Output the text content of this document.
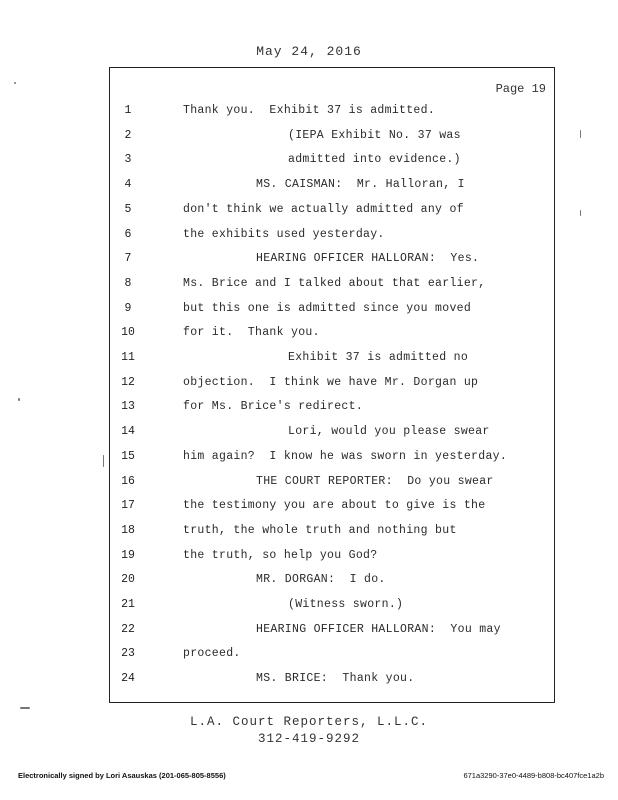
May 24, 2016
Page 19
1	Thank you.  Exhibit 37 is admitted.
2	(IEPA Exhibit No. 37 was
3	admitted into evidence.)
4	MS. CAISMAN:  Mr. Halloran, I
5	don't think we actually admitted any of
6	the exhibits used yesterday.
7	HEARING OFFICER HALLORAN:  Yes.
8	Ms. Brice and I talked about that earlier,
9	but this one is admitted since you moved
10	for it.  Thank you.
11	Exhibit 37 is admitted no
12	objection.  I think we have Mr. Dorgan up
13	for Ms. Brice's redirect.
14	Lori, would you please swear
15	him again?  I know he was sworn in yesterday.
16	THE COURT REPORTER:  Do you swear
17	the testimony you are about to give is the
18	truth, the whole truth and nothing but
19	the truth, so help you God?
20	MR. DORGAN:  I do.
21	(Witness sworn.)
22	HEARING OFFICER HALLORAN:  You may
23	proceed.
24	MS. BRICE:  Thank you.
L.A. Court Reporters, L.L.C.
312-419-9292
Electronically signed by Lori Asauskas (201-065-805-8556)	671a3290-37e0-4489-b808-bc407fce1a2b
